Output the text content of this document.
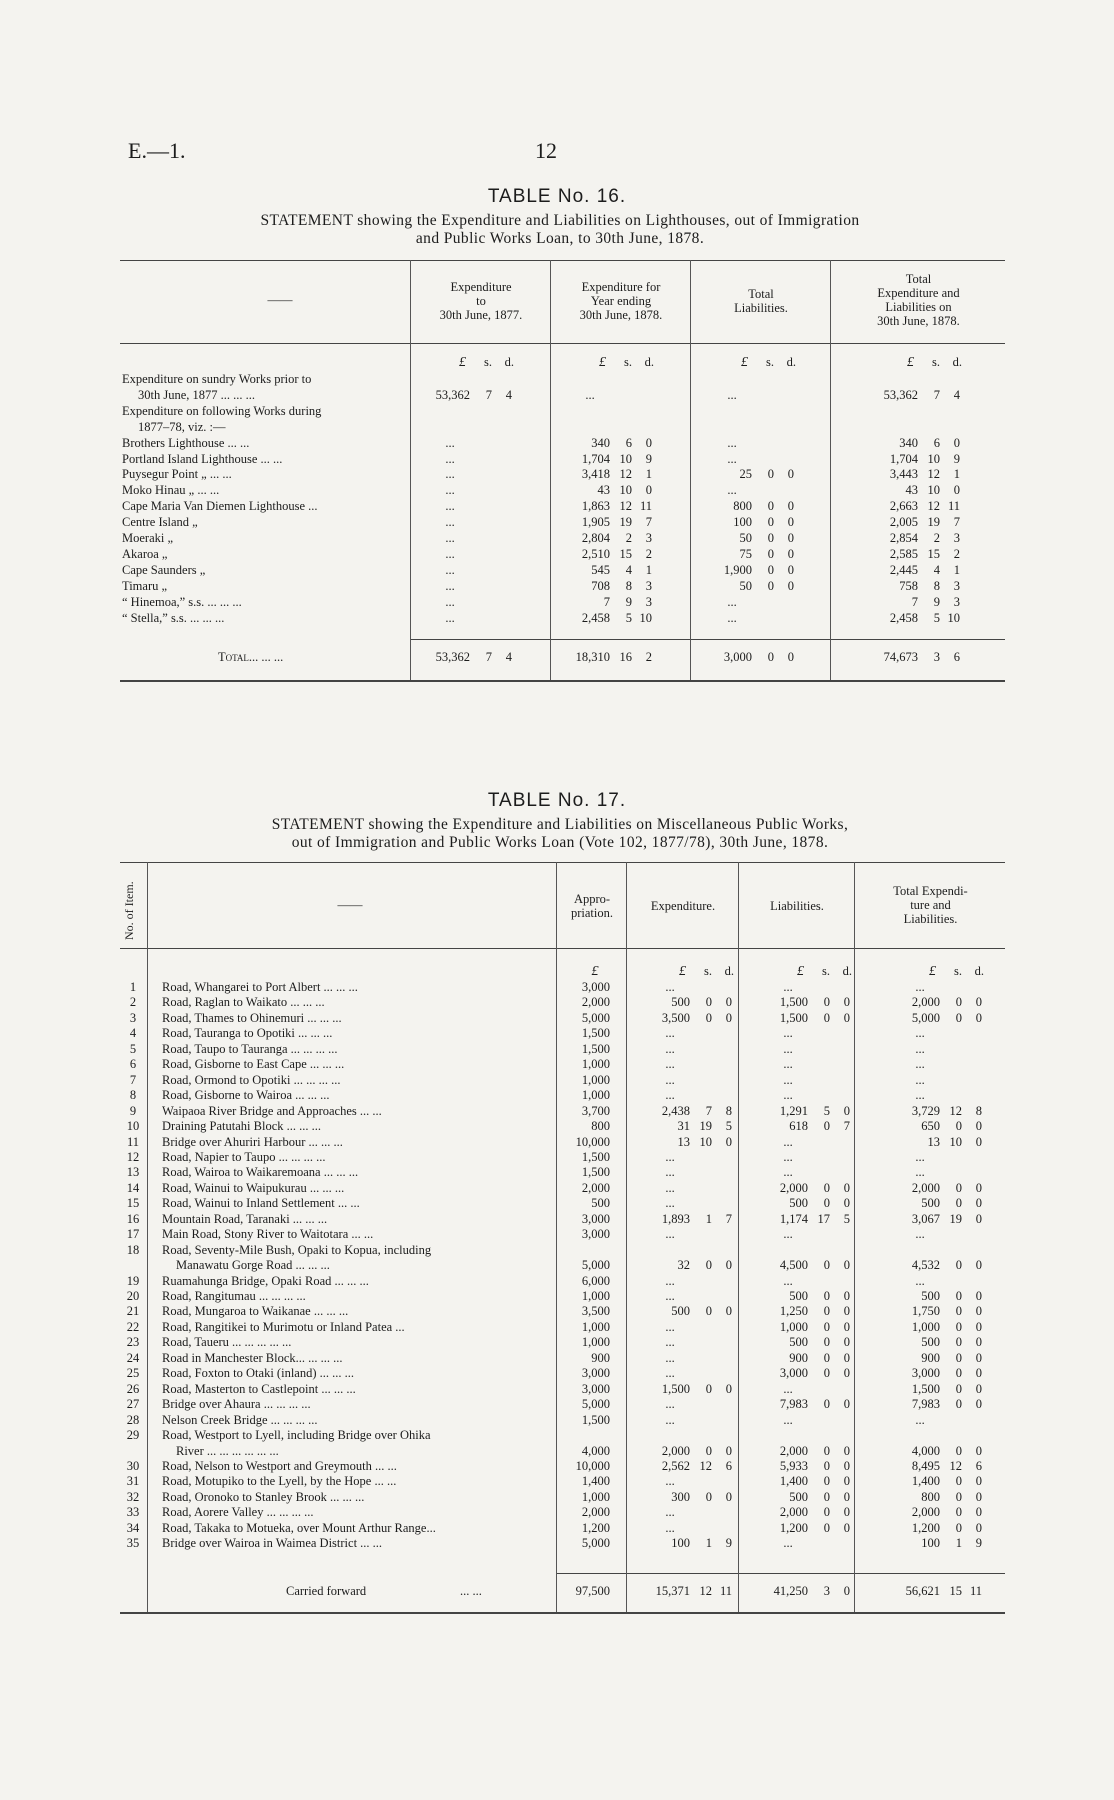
E.—1.	12
TABLE No. 16.
STATEMENT showing the Expenditure and Liabilities on Lighthouses, out of Immigration
and Public Works Loan, to 30th June, 1878.
——
Expenditure
to
30th June, 1877.
Expenditure for
Year ending
30th June, 1878.
Total
Liabilities.
Total
Expenditure and
Liabilities on
30th June, 1878.
£	s.	d.	£	s.	d.	£	s.	d.	£	s.	d.
Expenditure on sundry Works prior to
30th June, 1877 ... ... ...	53,362	7	4	...	...	53,362	7	4
Expenditure on following Works during
1877–78, viz. :—
Brothers Lighthouse ... ...	...	340	6	0	...	340	6	0
Portland Island Lighthouse ... ...	...	1,704 10	9	...	1,704 10	9
Puysegur Point „ ... ...	...	3,418 12	1	25	0	0	3,443 12	1
Moko Hinau „ ... ...	...	43 10	0	...	43 10	0
Cape Maria Van Diemen Lighthouse ...	...	1,863 12 11	800	0	0	2,663 12 11
Centre Island „	...	1,905 19	7	100	0	0	2,005 19	7
Moeraki „	...	2,804	2	3	50	0	0	2,854	2	3
Akaroa „	...	2,510 15	2	75	0	0	2,585 15	2
Cape Saunders „	...	545	4	1	1,900	0	0	2,445	4	1
Timaru „	...	708	8	3	50	0	0	758	8	3
“ Hinemoa,” s.s. ... ... ...	...	7	9	3	...	7	9	3
“ Stella,” s.s. ... ... ...	...	2,458	5 10	...	2,458	5 10
Total... ... ...	53,362	7	4	18,310 16	2	3,000	0	0	74,673	3	6
TABLE No. 17.
STATEMENT showing the Expenditure and Liabilities on Miscellaneous Public Works,
out of Immigration and Public Works Loan (Vote 102, 1877/78), 30th June, 1878.
No. of Item.	——	Appro-
priation.	Expenditure.	Liabilities.
Total Expendi-
ture and
Liabilities.
£	£	s.	d.	£	s.	d.	£	s.	d.
1	Road, Whangarei to Port Albert ... ... ...	3,000	...	...	...
2	Road, Raglan to Waikato ... ... ...	2,000	500	0	0	1,500	0	0	2,000	0	0
3	Road, Thames to Ohinemuri ... ... ...	5,000	3,500	0	0	1,500	0	0	5,000	0	0
4	Road, Tauranga to Opotiki ... ... ...	1,500	...	...	...
5	Road, Taupo to Tauranga ... ... ... ...	1,500	...	...	...
6	Road, Gisborne to East Cape ... ... ...	1,000	...	...	...
7	Road, Ormond to Opotiki ... ... ... ...	1,000	...	...	...
8	Road, Gisborne to Wairoa ... ... ...	1,000	...	...	...
9	Waipaoa River Bridge and Approaches ... ...	3,700	2,438	7	8	1,291	5	0	3,729 12	8
10 Draining Patutahi Block ... ... ...	800	31 19	5	618	0	7	650	0	0
11 Bridge over Ahuriri Harbour ... ... ...	10,000	13 10	0	...	13 10	0
12 Road, Napier to Taupo ... ... ... ...	1,500	...	...	...
13 Road, Wairoa to Waikaremoana ... ... ...	1,500	...	...	...
14 Road, Wainui to Waipukurau ... ... ...	2,000	...	2,000	0	0	2,000	0	0
15 Road, Wainui to Inland Settlement ... ...	500	...	500	0	0	500	0	0
16 Mountain Road, Taranaki ... ... ...	3,000	1,893	1	7	1,174 17	5	3,067 19	0
17 Main Road, Stony River to Waitotara ... ...	3,000	...	...	...
18 Road, Seventy-Mile Bush, Opaki to Kopua, including
Manawatu Gorge Road ... ... ...	5,000	32	0	0	4,500	0	0	4,532	0	0
19 Ruamahunga Bridge, Opaki Road ... ... ...	6,000	...	...	...
20 Road, Rangitumau ... ... ... ...	1,000	...	500	0	0	500	0	0
21 Road, Mungaroa to Waikanae ... ... ...	3,500	500	0	0	1,250	0	0	1,750	0	0
22 Road, Rangitikei to Murimotu or Inland Patea ...	1,000	...	1,000	0	0	1,000	0	0
23 Road, Taueru ... ... ... ... ...	1,000	...	500	0	0	500	0	0
24 Road in Manchester Block... ... ... ...	900	...	900	0	0	900	0	0
25 Road, Foxton to Otaki (inland) ... ... ...	3,000	...	3,000	0	0	3,000	0	0
26 Road, Masterton to Castlepoint ... ... ...	3,000	1,500	0	0	...	1,500	0	0
27 Bridge over Ahaura ... ... ... ...	5,000	...	7,983	0	0	7,983	0	0
28 Nelson Creek Bridge ... ... ... ...	1,500	...	...	...
29 Road, Westport to Lyell, including Bridge over Ohika
River ... ... ... ... ... ...	4,000	2,000	0	0	2,000	0	0	4,000	0	0
30 Road, Nelson to Westport and Greymouth ... ...	10,000	2,562 12	6	5,933	0	0	8,495 12	6
31 Road, Motupiko to the Lyell, by the Hope ... ...	1,400	...	1,400	0	0	1,400	0	0
32 Road, Oronoko to Stanley Brook ... ... ...	1,000	300	0	0	500	0	0	800	0	0
33 Road, Aorere Valley ... ... ... ...	2,000	...	2,000	0	0	2,000	0	0
34 Road, Takaka to Motueka, over Mount Arthur Range...	1,200	...	1,200	0	0	1,200	0	0
35 Bridge over Wairoa in Waimea District ... ...	5,000	100	1	9	...	100	1	9
Carried forward	... ...	97,500	15,371 12 11	41,250	3	0	56,621 15 11
